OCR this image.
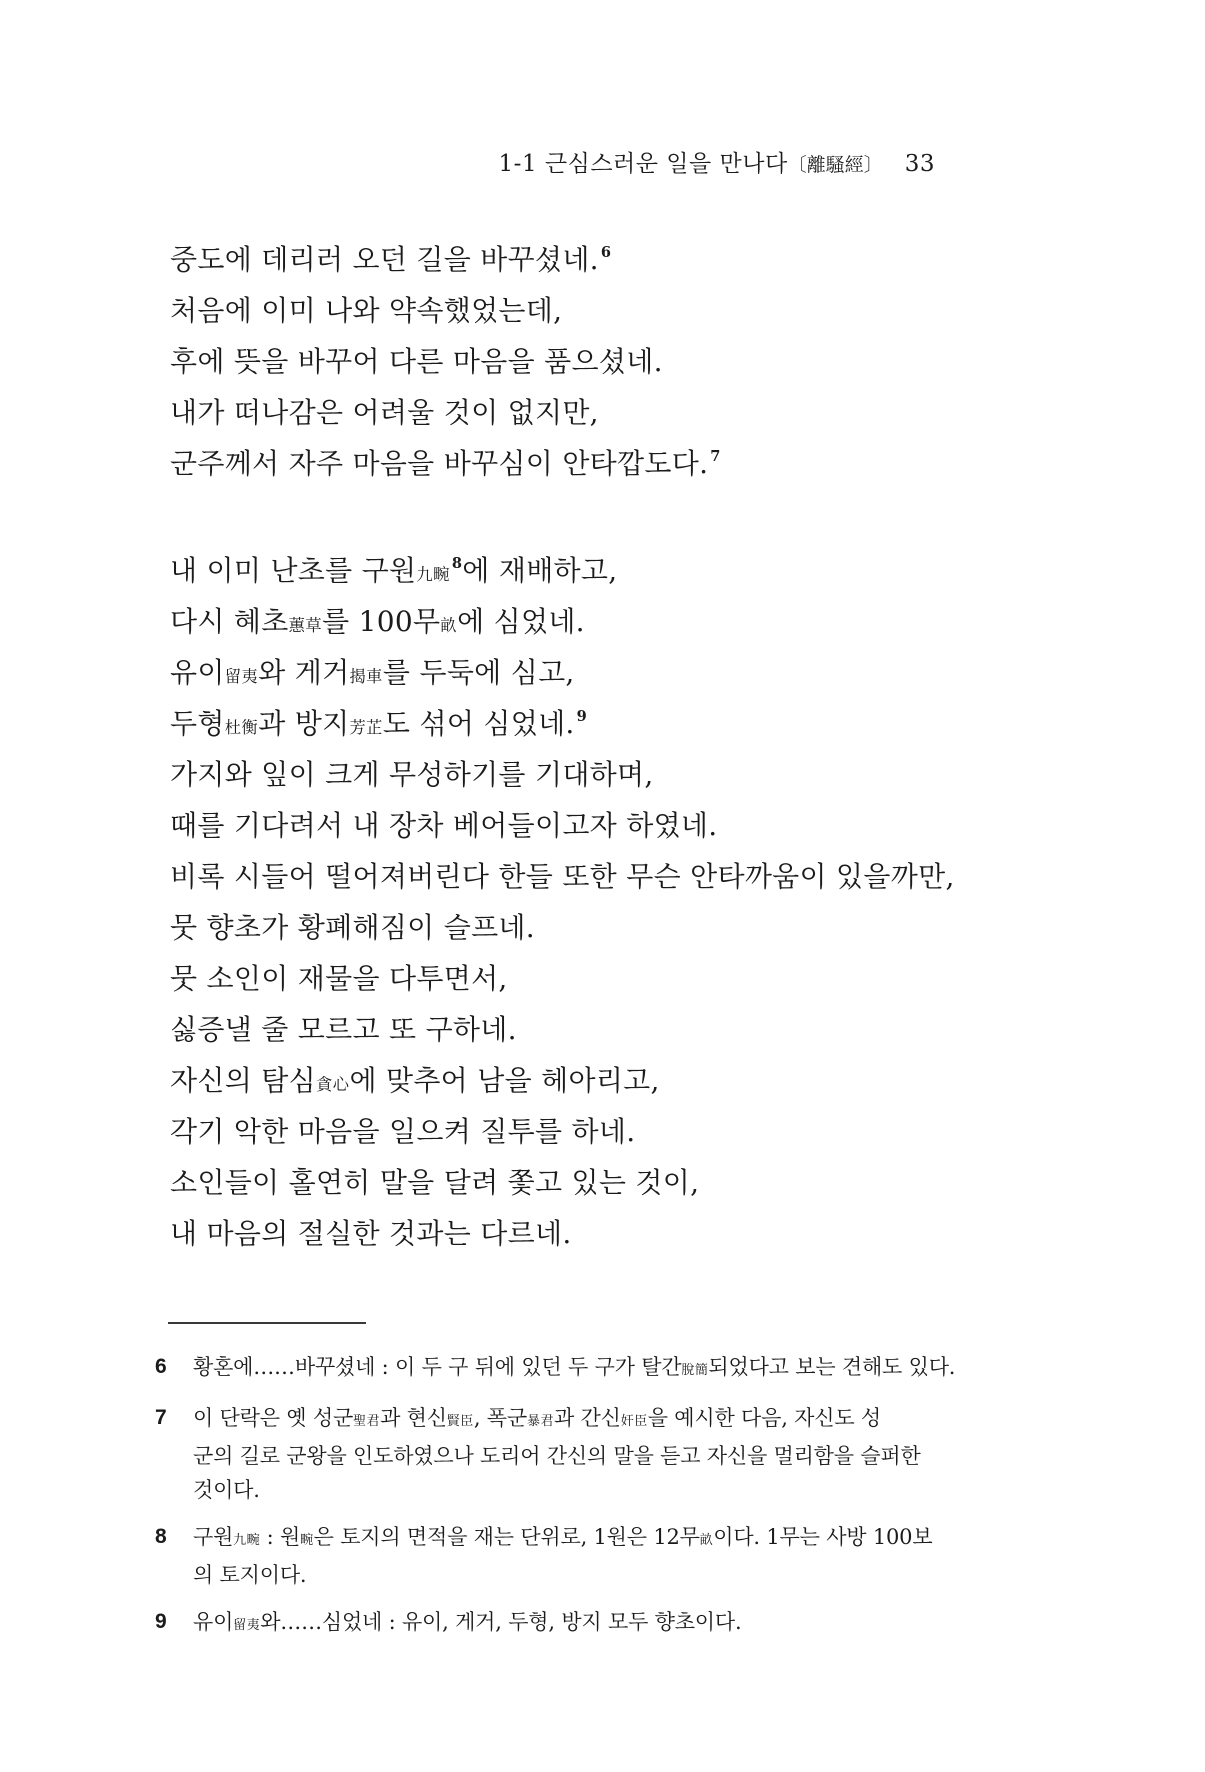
1-1 근심스러운 일을 만나다〔離騷經〕 33
중도에 데리러 오던 길을 바꾸셨네. $^6$
처음에 이미 나와 약속했었는데,
후에 뜻을 바꾸어 다른 마음을 품으셨네.
내가 떠나감은 어려울 것이 없지만,
군주께서 자주 마음을 바꾸심이 안타깝도다. $^7$
내 이미 난초를 구원九畹$^8$에 재배하고,
다시 혜초蕙草를 100무畝에 심었네.
유이留夷와 게거揭車를 두둑에 심고,
두형杜衡과 방지芳芷도 섞어 심었네. $^9$
가지와 잎이 크게 무성하기를 기대하며,
때를 기다려서 내 장차 베어들이고자 하였네.
비록 시들어 떨어져버린다 한들 또한 무슨 안타까움이 있을까만,
뭇 향초가 황폐해짐이 슬프네.
뭇 소인이 재물을 다투면서,
싫증낼 줄 모르고 또 구하네.
자신의 탐심貪心에 맞추어 남을 헤아리고,
각기 악한 마음을 일으켜 질투를 하네.
소인들이 홀연히 말을 달려 쫓고 있는 것이,
내 마음의 절실한 것과는 다르네.
6	황혼에……바꾸셨네 : 이 두 구 뒤에 있던 두 구가 탈간脫簡되었다고 보는 견해도 있다.
7	이 단락은 옛 성군聖君과 현신賢臣, 폭군暴君과 간신奸臣을 예시한 다음, 자신도 성
군의 길로 군왕을 인도하였으나 도리어 간신의 말을 듣고 자신을 멀리함을 슬퍼한
것이다.
8	구원九畹 : 원畹은 토지의 면적을 재는 단위로, 1원은 12무畝이다. 1무는 사방 100보
의 토지이다.
9	유이留夷와……심었네 : 유이, 게거, 두형, 방지 모두 향초이다.
